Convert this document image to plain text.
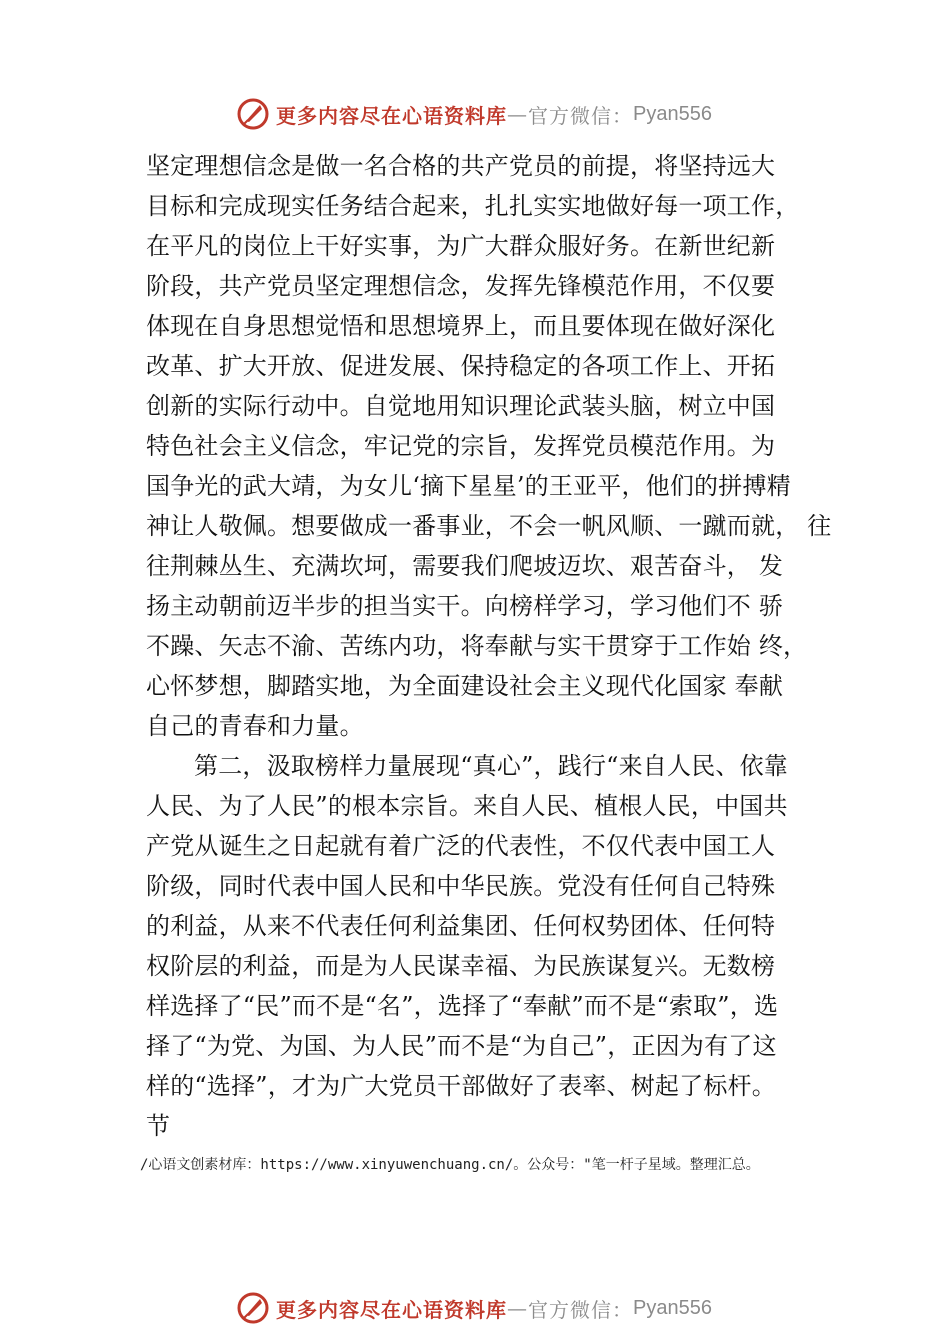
更多内容尽在心语资料库 — 官方微信： Pyan556
坚定理想信念是做一名合格的共产党员的前提，将坚持远大
目标和完成现实任务结合起来，扎扎实实地做好每一项工作，
在平凡的岗位上干好实事，为广大群众服好务。在新世纪新
阶段，共产党员坚定理想信念，发挥先锋模范作用，不仅要
体现在自身思想觉悟和思想境界上，而且要体现在做好深化
改革、扩大开放、促进发展、保持稳定的各项工作上、开拓
创新的实际行动中。自觉地用知识理论武装头脑，树立中国
特色社会主义信念，牢记党的宗旨，发挥党员模范作用。为
国争光的武大靖，为女儿‘摘下星星’的王亚平，他们的拼搏精
神让人敬佩。想要做成一番事业，不会一帆风顺、一蹴而就， 往
往荆棘丛生、充满坎坷，需要我们爬坡迈坎、艰苦奋斗， 发
扬主动朝前迈半步的担当实干。向榜样学习，学习他们不 骄
不躁、矢志不渝、苦练内功，将奉献与实干贯穿于工作始 终，
心怀梦想，脚踏实地，为全面建设社会主义现代化国家 奉献
自己的青春和力量。
第二，汲取榜样力量展现“真心”，践行“来自人民、依靠
人民、为了人民”的根本宗旨。来自人民、植根人民，中国共
产党从诞生之日起就有着广泛的代表性，不仅代表中国工人
阶级，同时代表中国人民和中华民族。党没有任何自己特殊
的利益，从来不代表任何利益集团、任何权势团体、任何特
权阶层的利益，而是为人民谋幸福、为民族谋复兴。无数榜
样选择了“民”而不是“名”，选择了“奉献”而不是“索取”，选
择了“为党、为国、为人民”而不是“为自己”，正因为有了这
样的“选择”，才为广大党员干部做好了表率、树起了标杆。
节
/心语文创素材库：https://www.xinyuwenchuang.cn/。公众号："笔一杆子星域。整理汇总。
更多内容尽在心语资料库 — 官方微信： Pyan556
